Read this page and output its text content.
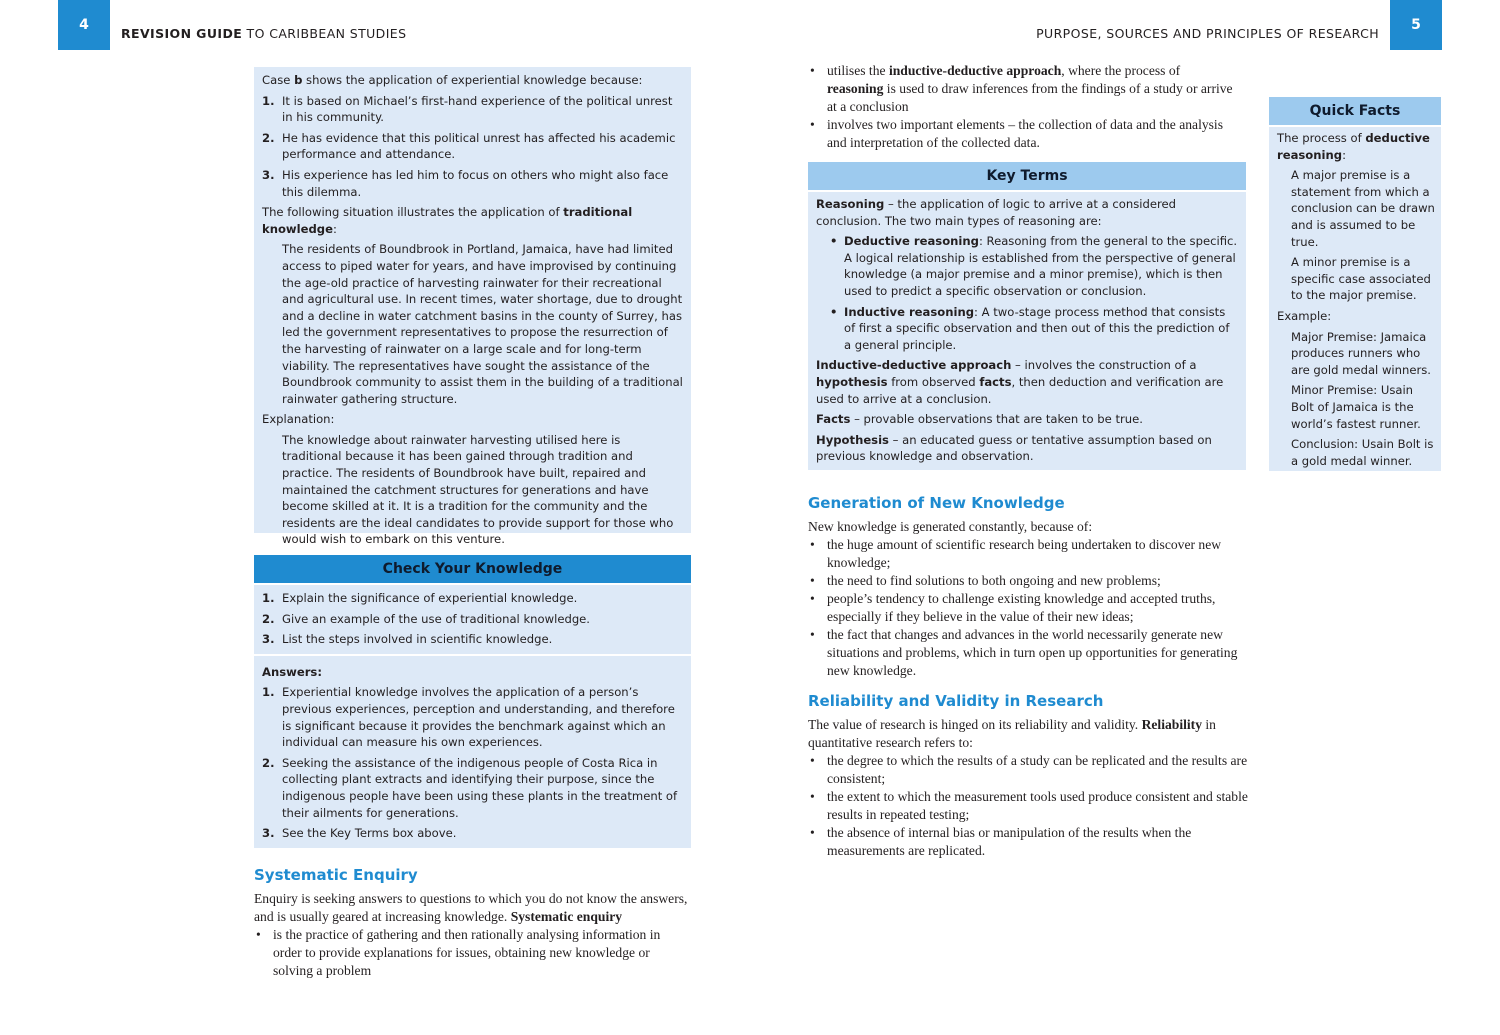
4
REVISION GUIDE TO CARIBBEAN STUDIES	PURPOSE, SOURCES AND PRINCIPLES OF RESEARCH
5

Case b shows the application of experiential knowledge because:

1. It is based on Michael’s first-hand experience of the political unrest in his community.
2. He has evidence that this political unrest has affected his academic performance and attendance.
3. His experience has led him to focus on others who might also face this dilemma.

The following situation illustrates the application of traditional knowledge:

The residents of Boundbrook in Portland, Jamaica, have had limited access to piped water for years, and have improvised by continuing the age-old practice of harvesting rainwater for their recreational and agricultural use. In recent times, water shortage, due to drought and a decline in water catchment basins in the county of Surrey, has led the government representatives to propose the resurrection of the harvesting of rainwater on a large scale and for long-term viability. The representatives have sought the assistance of the Boundbrook community to assist them in the building of a traditional rainwater gathering structure.

Explanation:

The knowledge about rainwater harvesting utilised here is traditional because it has been gained through tradition and practice. The residents of Boundbrook have built, repaired and maintained the catchment structures for generations and have become skilled at it. It is a tradition for the community and the residents are the ideal candidates to provide support for those who would wish to embark on this venture.
Check Your Knowledge
1. Explain the significance of experiential knowledge.
2. Give an example of the use of traditional knowledge.
3. List the steps involved in scientific knowledge.

Answers:

1. Experiential knowledge involves the application of a person’s previous experiences, perception and understanding, and therefore is significant because it provides the benchmark against which an individual can measure his own experiences.
2. Seeking the assistance of the indigenous people of Costa Rica in collecting plant extracts and identifying their purpose, since the indigenous people have been using these plants in the treatment of their ailments for generations.
3. See the Key Terms box above.
Systematic Enquiry

Enquiry is seeking answers to questions to which you do not know the answers, and is usually geared at increasing knowledge. Systematic enquiry

• is the practice of gathering and then rationally analysing information in order to provide explanations for issues, obtaining new knowledge or solving a problem
• utilises the inductive-deductive approach, where the process of reasoning is used to draw inferences from the findings of a study or arrive at a conclusion
• involves two important elements – the collection of data and the analysis and interpretation of the collected data.
Key Terms

Reasoning – the application of logic to arrive at a considered conclusion. The two main types of reasoning are:

• Deductive reasoning: Reasoning from the general to the specific. A logical relationship is established from the perspective of general knowledge (a major premise and a minor premise), which is then used to predict a specific observation or conclusion.
• Inductive reasoning: A two-stage process method that consists of first a specific observation and then out of this the prediction of a general principle.

Inductive-deductive approach – involves the construction of a hypothesis from observed facts, then deduction and verification are used to arrive at a conclusion.

Facts – provable observations that are taken to be true.

Hypothesis – an educated guess or tentative assumption based on previous knowledge and observation.

Quick Facts

The process of deductive reasoning:

A major premise is a statement from which a conclusion can be drawn and is assumed to be true.
A minor premise is a specific case associated to the major premise.

Example:

Major Premise: Jamaica produces runners who are gold medal winners.
Minor Premise: Usain Bolt of Jamaica is the world’s fastest runner.
Conclusion: Usain Bolt is a gold medal winner.
Generation of New Knowledge

New knowledge is generated constantly, because of:

• the huge amount of scientific research being undertaken to discover new knowledge;
• the need to find solutions to both ongoing and new problems;
• people’s tendency to challenge existing knowledge and accepted truths, especially if they believe in the value of their new ideas;
• the fact that changes and advances in the world necessarily generate new situations and problems, which in turn open up opportunities for generating new knowledge.
Reliability and Validity in Research

The value of research is hinged on its reliability and validity. Reliability in quantitative research refers to:

• the degree to which the results of a study can be replicated and the results are consistent;
• the extent to which the measurement tools used produce consistent and stable results in repeated testing;
• the absence of internal bias or manipulation of the results when the measurements are replicated.
